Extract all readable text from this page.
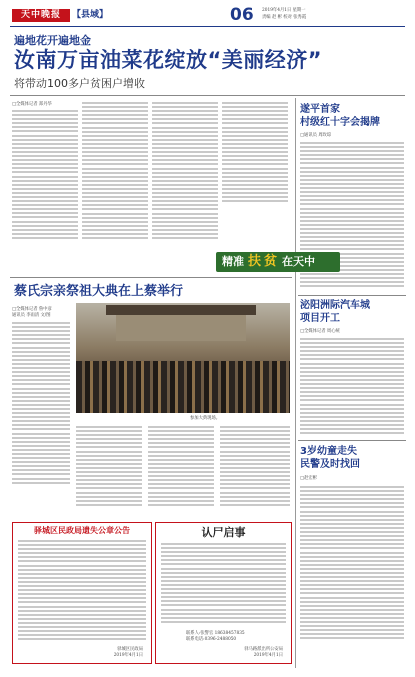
天中晚报	【县域】	06 2019年4月1日 星期一
责编 赵 彬 校对 张秀霞
遍地花开遍地金
汝南万亩油菜花绽放“美丽经济”
将带动100多户贫困户增收
□全媒体记者 郑丹华	遂平首家
村级红十字会揭牌
□通讯员 周玫琼
精准 扶 贫 在天中
蔡氏宗亲祭祖大典在上蔡举行
□全媒体记者 鲁中彦
通讯员 李雨清 文/图
参加大典现场。
泌阳洲际汽车城
项目开工
□全媒体记者 周心统
3岁幼童走失
民警及时找回
□赵宏彬
驿城区民政局遗失公章公告
驿城区民政局
2019年4月1日
认尸启事
联系人:张警官 18638457835
联系电话:0396-2488050
驿马路派出所公安局
2019年4月1日
